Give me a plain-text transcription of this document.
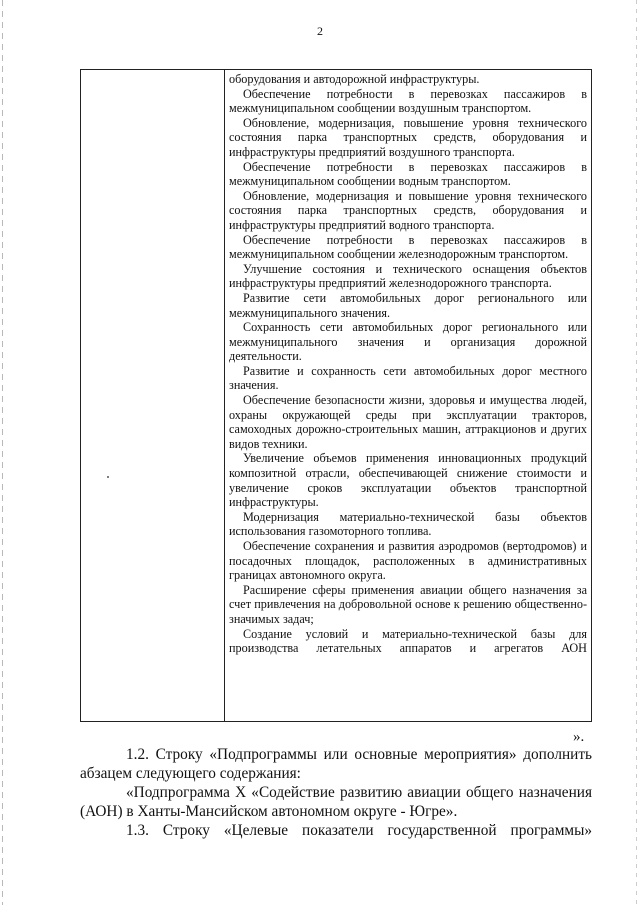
2

оборудования и автодорожной инфраструктуры.

Обеспечение потребности в перевозках пассажиров в межмуниципальном сообщении воздушным транспортом.

Обновление, модернизация, повышение уровня технического состояния парка транспортных средств, оборудования и инфраструктуры предприятий воздушного транспорта.

Обеспечение потребности в перевозках пассажиров в межмуниципальном сообщении водным транспортом.

Обновление, модернизация и повышение уровня технического состояния парка транспортных средств, оборудования и инфраструктуры предприятий водного транспорта.

Обеспечение потребности в перевозках пассажиров в межмуниципальном сообщении железнодорожным транспортом.

Улучшение состояния и технического оснащения объектов инфраструктуры предприятий железнодорожного транспорта.

Развитие сети автомобильных дорог регионального или межмуниципального значения.

Сохранность сети автомобильных дорог регионального или межмуниципального значения и организация дорожной деятельности.

Развитие и сохранность сети автомобильных дорог местного значения.

Обеспечение безопасности жизни, здоровья и имущества людей, охраны окружающей среды при эксплуатации тракторов, самоходных дорожно-строительных машин, аттракционов и других видов техники.

Увеличение объемов применения инновационных продукций композитной отрасли, обеспечивающей снижение стоимости и увеличение сроков эксплуатации объектов транспортной инфраструктуры.

Модернизация материально-технической базы объектов использования газомоторного топлива.

Обеспечение сохранения и развития аэродромов (вертодромов) и посадочных площадок, расположенных в административных границах автономного округа.

Расширение сферы применения авиации общего назначения за счет привлечения на добровольной основе к решению общественно-значимых задач;

Создание условий и материально-технической базы для производства летательных аппаратов и агрегатов АОН

».

1.2. Строку «Подпрограммы или основные мероприятия» дополнить абзацем следующего содержания:

«Подпрограмма X «Содействие развитию авиации общего назначения (АОН) в Ханты-Мансийском автономном округе - Югре».

1.3. Строку «Целевые показатели государственной программы»
